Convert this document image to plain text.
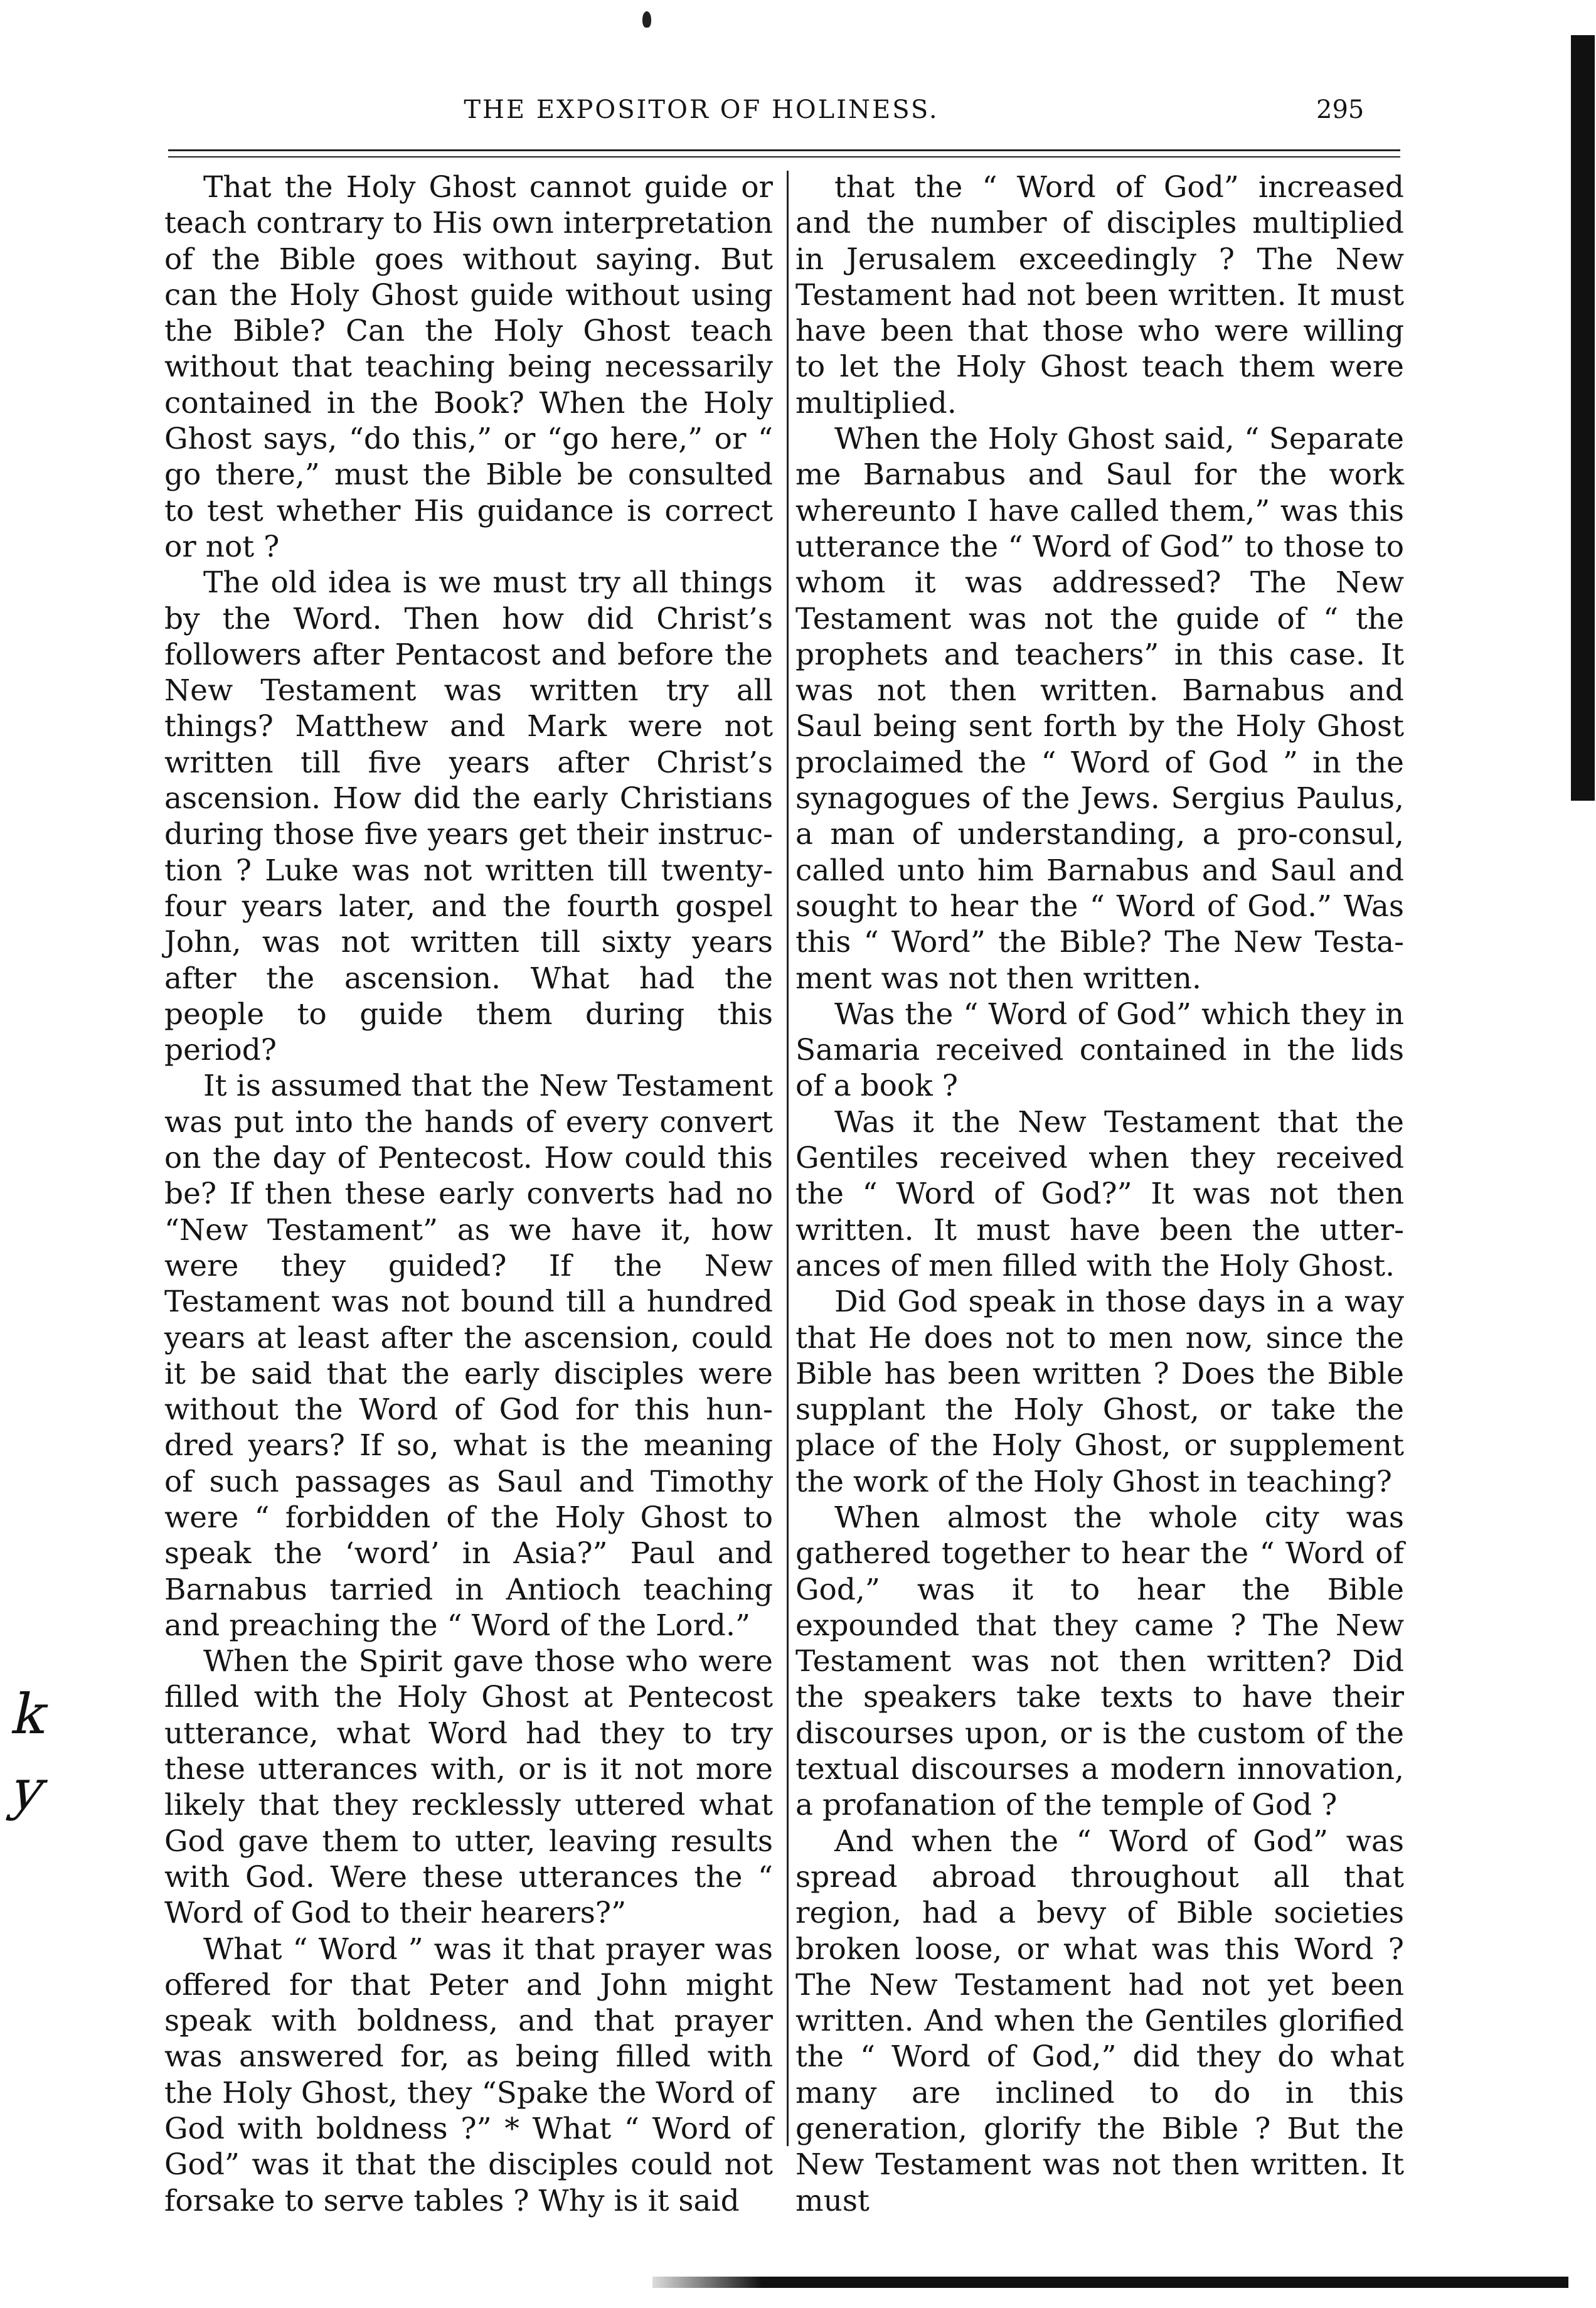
THE EXPOSITOR OF HOLINESS.	295

That the Holy Ghost cannot guide or teach contrary to His own interpretation of the Bible goes without saying. But can the Holy Ghost guide without using the Bible? Can the Holy Ghost teach without that teaching being necessarily contained in the Book? When the Holy Ghost says, “do this,” or “go here,” or “ go there,” must the Bible be consulted to test whether His guidance is correct or not ?

The old idea is we must try all things by the Word. Then how did Christ’s followers after Pentacost and before the New Testament was written try all things? Matthew and Mark were not written till five years after Christ’s ascension. How did the early Christians during those five years get their instruction ? Luke was not written till twenty-four years later, and the fourth gospel John, was not written till sixty years after the ascension. What had the people to guide them during this period?

It is assumed that the New Testament was put into the hands of every convert on the day of Pentecost. How could this be? If then these early converts had no “New Testament” as we have it, how were they guided? If the New Testament was not bound till a hundred years at least after the ascension, could it be said that the early disciples were without the Word of God for this hundred years? If so, what is the meaning of such passages as Saul and Timothy were “ forbidden of the Holy Ghost to speak the ‘word’ in Asia?” Paul and Barnabus tarried in Antioch teaching and preaching the “ Word of the Lord.”

When the Spirit gave those who were filled with the Holy Ghost at Pentecost utterance, what Word had they to try these utterances with, or is it not more likely that they recklessly uttered what God gave them to utter, leaving results with God. Were these utterances the “ Word of God to their hearers?”

What “ Word ” was it that prayer was offered for that Peter and John might speak with boldness, and that prayer was answered for, as being filled with the Holy Ghost, they “Spake the Word of God with boldness ?” * What “ Word of God” was it that the disciples could not forsake to serve tables ? Why is it said

that the “ Word of God” increased and the number of disciples multiplied in Jerusalem exceedingly ? The New Testament had not been written. It must have been that those who were willing to let the Holy Ghost teach them were multiplied.

When the Holy Ghost said, “ Separate me Barnabus and Saul for the work whereunto I have called them,” was this utterance the “ Word of God” to those to whom it was addressed? The New Testament was not the guide of “ the prophets and teachers” in this case. It was not then written. Barnabus and Saul being sent forth by the Holy Ghost proclaimed the “ Word of God ” in the synagogues of the Jews. Sergius Paulus, a man of understanding, a pro-consul, called unto him Barnabus and Saul and sought to hear the “ Word of God.” Was this “ Word” the Bible? The New Testament was not then written.

Was the “ Word of God” which they in Samaria received contained in the lids of a book ?

Was it the New Testament that the Gentiles received when they received the “ Word of God?” It was not then written. It must have been the utterances of men filled with the Holy Ghost.

Did God speak in those days in a way that He does not to men now, since the Bible has been written ? Does the Bible supplant the Holy Ghost, or take the place of the Holy Ghost, or supplement the work of the Holy Ghost in teaching?

When almost the whole city was gathered together to hear the “ Word of God,” was it to hear the Bible expounded that they came ? The New Testament was not then written? Did the speakers take texts to have their discourses upon, or is the custom of the textual discourses a modern innovation, a profanation of the temple of God ?

And when the “ Word of God” was spread abroad throughout all that region, had a bevy of Bible societies broken loose, or what was this Word ? The New Testament had not yet been written. And when the Gentiles glorified the “ Word of God,” did they do what many are inclined to do in this generation, glorify the Bible ? But the New Testament was not then written. It must

k
y
